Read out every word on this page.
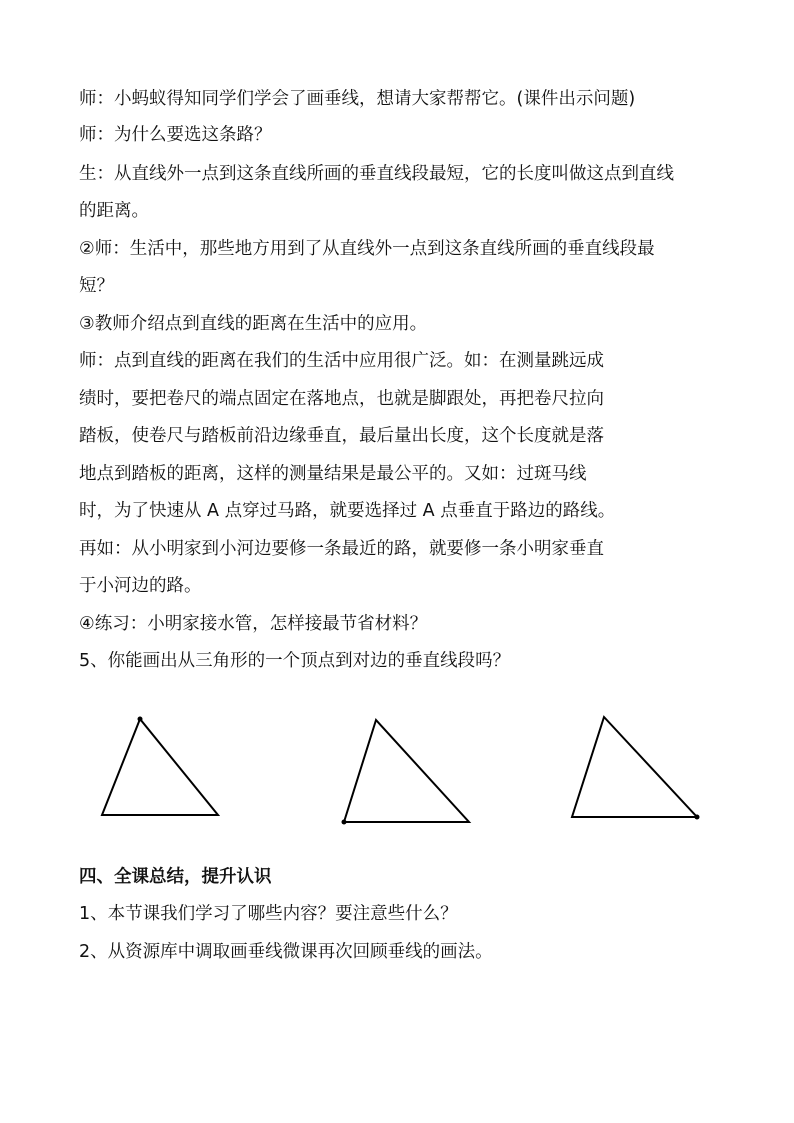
师：小蚂蚁得知同学们学会了画垂线，想请大家帮帮它。(课件出示问题)
师：为什么要选这条路？
生：从直线外一点到这条直线所画的垂直线段最短，它的长度叫做这点到直线
的距离。
②师：生活中，那些地方用到了从直线外一点到这条直线所画的垂直线段最
短？
③教师介绍点到直线的距离在生活中的应用。
师：点到直线的距离在我们的生活中应用很广泛。如：在测量跳远成
绩时，要把卷尺的端点固定在落地点，也就是脚跟处，再把卷尺拉向
踏板，使卷尺与踏板前沿边缘垂直，最后量出长度，这个长度就是落
地点到踏板的距离，这样的测量结果是最公平的。又如：过斑马线
时，为了快速从 A 点穿过马路，就要选择过 A 点垂直于路边的路线。
再如：从小明家到小河边要修一条最近的路，就要修一条小明家垂直
于小河边的路。
④练习：小明家接水管，怎样接最节省材料？
5、你能画出从三角形的一个顶点到对边的垂直线段吗？
四、全课总结，提升认识
1、本节课我们学习了哪些内容？要注意些什么？
2、从资源库中调取画垂线微课再次回顾垂线的画法。
